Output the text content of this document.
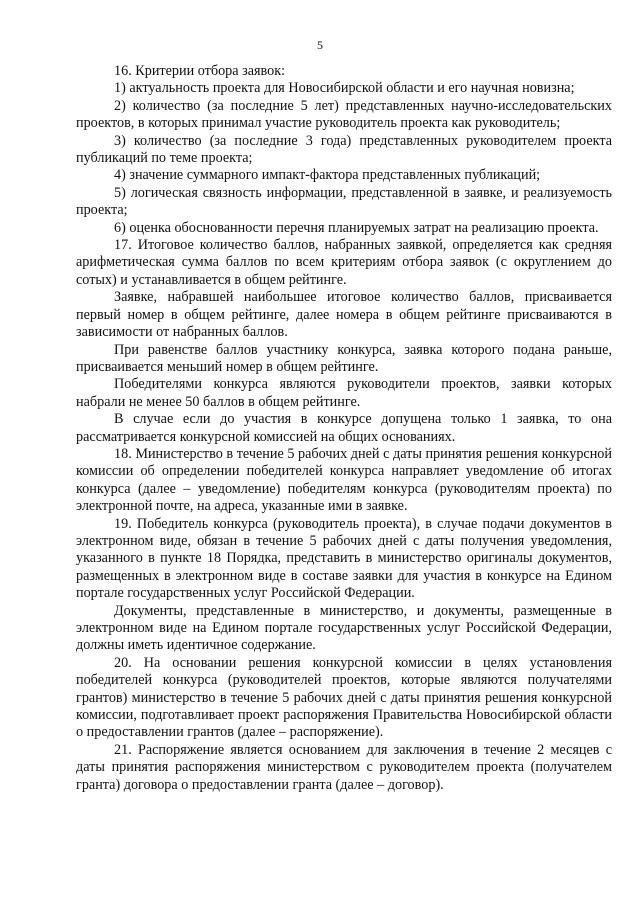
5

16. Критерии отбора заявок:

1) актуальность проекта для Новосибирской области и его научная новизна;

2) количество (за последние 5 лет) представленных научно-исследовательских проектов, в которых принимал участие руководитель проекта как руководитель;

3) количество (за последние 3 года) представленных руководителем проекта публикаций по теме проекта;

4) значение суммарного импакт-фактора представленных публикаций;

5) логическая связность информации, представленной в заявке, и реализуемость проекта;

6) оценка обоснованности перечня планируемых затрат на реализацию проекта.

17. Итоговое количество баллов, набранных заявкой, определяется как средняя арифметическая сумма баллов по всем критериям отбора заявок (с округлением до сотых) и устанавливается в общем рейтинге.

Заявке, набравшей наибольшее итоговое количество баллов, присваивается первый номер в общем рейтинге, далее номера в общем рейтинге присваиваются в зависимости от набранных баллов.

При равенстве баллов участнику конкурса, заявка которого подана раньше, присваивается меньший номер в общем рейтинге.

Победителями конкурса являются руководители проектов, заявки которых набрали не менее 50 баллов в общем рейтинге.

В случае если до участия в конкурсе допущена только 1 заявка, то она рассматривается конкурсной комиссией на общих основаниях.

18. Министерство в течение 5 рабочих дней с даты принятия решения конкурсной комиссии об определении победителей конкурса направляет уведомление об итогах конкурса (далее – уведомление) победителям конкурса (руководителям проекта) по электронной почте, на адреса, указанные ими в заявке.

19. Победитель конкурса (руководитель проекта), в случае подачи документов в электронном виде, обязан в течение 5 рабочих дней с даты получения уведомления, указанного в пункте 18 Порядка, представить в министерство оригиналы документов, размещенных в электронном виде в составе заявки для участия в конкурсе на Едином портале государственных услуг Российской Федерации.

Документы, представленные в министерство, и документы, размещенные в электронном виде на Едином портале государственных услуг Российской Федерации, должны иметь идентичное содержание.

20. На основании решения конкурсной комиссии в целях установления победителей конкурса (руководителей проектов, которые являются получателями грантов) министерство в течение 5 рабочих дней с даты принятия решения конкурсной комиссии, подготавливает проект распоряжения Правительства Новосибирской области о предоставлении грантов (далее – распоряжение).

21. Распоряжение является основанием для заключения в течение 2 месяцев с даты принятия распоряжения министерством с руководителем проекта (получателем гранта) договора о предоставлении гранта (далее – договор).
